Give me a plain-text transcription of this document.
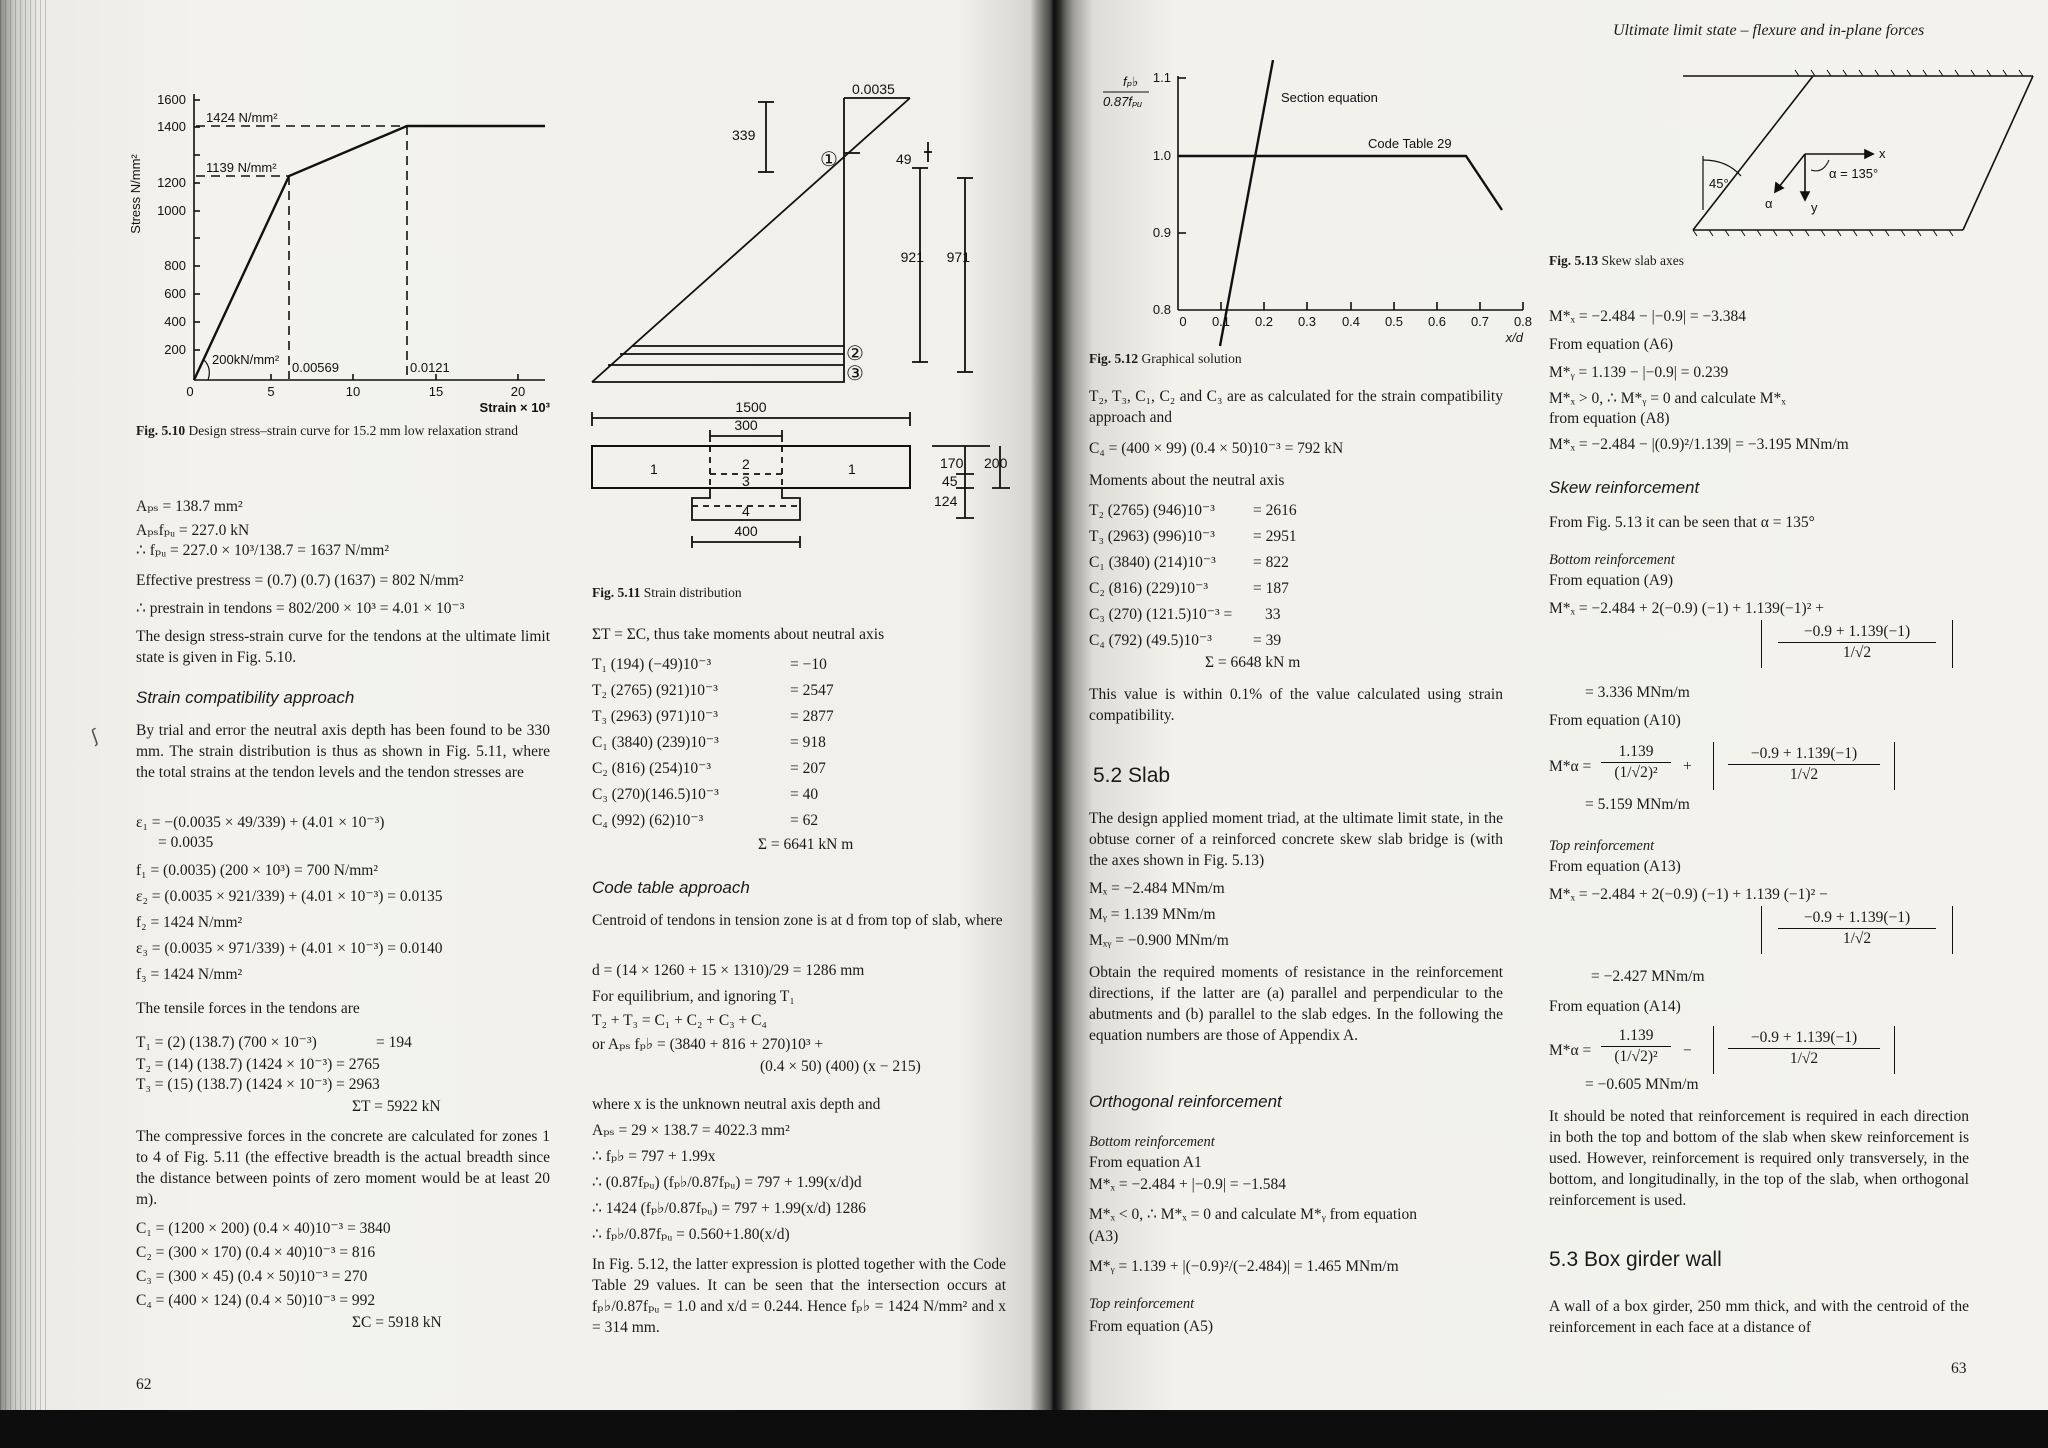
1600
1400
1200
1000
800
600
400
200
0	5	10	15	20
Stress N/mm²
Strain × 10³
1424 N/mm²
1139 N/mm²
200kN/mm²
0.00569	0.0121
Fig. 5.10 Design stress–strain curve for 15.2 mm low relaxation strand
Aₚₛ = 138.7 mm²
Aₚₛfₚᵤ = 227.0 kN
∴ fₚᵤ = 227.0 × 10³/138.7 = 1637 N/mm²
Effective prestress = (0.7) (0.7) (1637) = 802 N/mm²
∴ prestrain in tendons = 802/200 × 10³ = 4.01 × 10⁻³
The design stress-strain curve for the tendons at the ultimate limit state is given in Fig. 5.10.
Strain compatibility approach
By trial and error the neutral axis depth has been found to be 330 mm. The strain distribution is thus as shown in Fig. 5.11, where the total strains at the tendon levels and the tendon stresses are
ε₁ = −(0.0035 × 49/339) + (4.01 × 10⁻³)
= 0.0035
f₁ = (0.0035) (200 × 10³) = 700 N/mm²
ε₂ = (0.0035 × 921/339) + (4.01 × 10⁻³) = 0.0135
f₂ = 1424 N/mm²
ε₃ = (0.0035 × 971/339) + (4.01 × 10⁻³) = 0.0140
f₃ = 1424 N/mm²
The tensile forces in the tendons are
T₁ = (2) (138.7) (700 × 10⁻³)	= 194
T₂ = (14) (138.7) (1424 × 10⁻³) = 2765
T₃ = (15) (138.7) (1424 × 10⁻³) = 2963
ΣT = 5922 kN
The compressive forces in the concrete are calculated for zones 1 to 4 of Fig. 5.11 (the effective breadth is the actual breadth since the distance between points of zero moment would be at least 20 m).
C₁ = (1200 × 200) (0.4 × 40)10⁻³ = 3840
C₂ = (300 × 170) (0.4 × 40)10⁻³ = 816
C₃ = (300 × 45) (0.4 × 50)10⁻³ = 270
C₄ = (400 × 124) (0.4 × 50)10⁻³ = 992
ΣC = 5918 kN
62
ʃ
0.0035
339
49
921 971
①
②
③
1500
300
400
1	1
2
3
4
170
45
124
200
Fig. 5.11 Strain distribution
ΣT = ΣC, thus take moments about neutral axis
T₁ (194) (−49)10⁻³	= −10
T₂ (2765) (921)10⁻³	= 2547
T₃ (2963) (971)10⁻³	= 2877
C₁ (3840) (239)10⁻³	= 918
C₂ (816) (254)10⁻³	= 207
C₃ (270)(146.5)10⁻³	= 40
C₄ (992) (62)10⁻³	= 62
Σ = 6641 kN m
Code table approach
Centroid of tendons in tension zone is at d from top of slab, where
d = (14 × 1260 + 15 × 1310)/29 = 1286 mm
For equilibrium, and ignoring T₁
T₂ + T₃ = C₁ + C₂ + C₃ + C₄
or Aₚₛ fₚ♭ = (3840 + 816 + 270)10³ +
(0.4 × 50) (400) (x − 215)
where x is the unknown neutral axis depth and
Aₚₛ = 29 × 138.7 = 4022.3 mm²
∴ fₚ♭ = 797 + 1.99x
∴ (0.87fₚᵤ) (fₚ♭/0.87fₚᵤ) = 797 + 1.99(x/d)d
∴ 1424 (fₚ♭/0.87fₚᵤ) = 797 + 1.99(x/d) 1286
∴ fₚ♭/0.87fₚᵤ = 0.560+1.80(x/d)
In Fig. 5.12, the latter expression is plotted together with the Code Table 29 values. It can be seen that the intersection occurs at fₚ♭/0.87fₚᵤ = 1.0 and x/d = 0.244. Hence fₚ♭ = 1424 N/mm² and x = 314 mm.
Ultimate limit state – flexure and in-plane forces
fₚ♭
0.87fₚᵤ
1.1
1.0
0.9
0.8
0 0.1 0.2 0.3 0.4 0.5 0.6 0.7 0.8
x/d
Section equation
Code Table 29
Fig. 5.12 Graphical solution
T₂, T₃, C₁, C₂ and C₃ are as calculated for the strain compatibility approach and
C₄ = (400 × 99) (0.4 × 50)10⁻³ = 792 kN
Moments about the neutral axis
T₂ (2765) (946)10⁻³ = 2616
T₃ (2963) (996)10⁻³ = 2951
C₁ (3840) (214)10⁻³ = 822
C₂ (816) (229)10⁻³	= 187
C₃ (270) (121.5)10⁻³ = 33
C₄ (792) (49.5)10⁻³	= 39
Σ = 6648 kN m
This value is within 0.1% of the value calculated using strain compatibility.
5.2 Slab
The design applied moment triad, at the ultimate limit state, in the obtuse corner of a reinforced concrete skew slab bridge is (with the axes shown in Fig. 5.13)
Mₓ = −2.484 MNm/m
Mᵧ = 1.139 MNm/m
Mₓᵧ = −0.900 MNm/m
Obtain the required moments of resistance in the reinforcement directions, if the latter are (a) parallel and perpendicular to the abutments and (b) parallel to the slab edges. In the following the equation numbers are those of Appendix A.
Orthogonal reinforcement
Bottom reinforcement
From equation A1
M*ₓ = −2.484 + |−0.9| = −1.584
M*ₓ < 0, ∴ M*ₓ = 0 and calculate M*ᵧ from equation
(A3)
M*ᵧ = 1.139 + |(−0.9)²/(−2.484)| = 1.465 MNm/m
Top reinforcement
From equation (A5)
45°
x
y
α
α = 135°
Fig. 5.13 Skew slab axes
M*ₓ = −2.484 − |−0.9| = −3.384
From equation (A6)
M*ᵧ = 1.139 − |−0.9| = 0.239
M*ₓ > 0, ∴ M*ᵧ = 0 and calculate M*ₓ
from equation (A8)
M*ₓ = −2.484 − |(0.9)²/1.139| = −3.195 MNm/m
Skew reinforcement
From Fig. 5.13 it can be seen that α = 135°
Bottom reinforcement
From equation (A9)
M*ₓ = −2.484 + 2(−0.9) (−1) + 1.139(−1)² +
$\frac{-0.9 + 1.139(-1)}{1/√2}$
= 3.336 MNm/m
From equation (A10)
$M*\alpha = \frac{1.139}{\text{(1/√2)²}} + \frac{-0.9 + 1.139(-1)}{1/√2}$
= 5.159 MNm/m
Top reinforcement
From equation (A13)
M*ₓ = −2.484 + 2(−0.9) (−1) + 1.139 (−1)² −
$\frac{-0.9 + 1.139(-1)}{1/√2}$
= −2.427 MNm/m
From equation (A14)
$M*\alpha = \frac{1.139}{\text{(1/√2)²}} - \frac{-0.9 + 1.139(-1)}{1/√2}$
= −0.605 MNm/m
It should be noted that reinforcement is required in each direction in both the top and bottom of the slab when skew reinforcement is used. However, reinforcement is required only transversely, in the bottom, and longitudinally, in the top of the slab, when orthogonal reinforcement is used.
5.3 Box girder wall
A wall of a box girder, 250 mm thick, and with the centroid of the reinforcement in each face at a distance of
63
